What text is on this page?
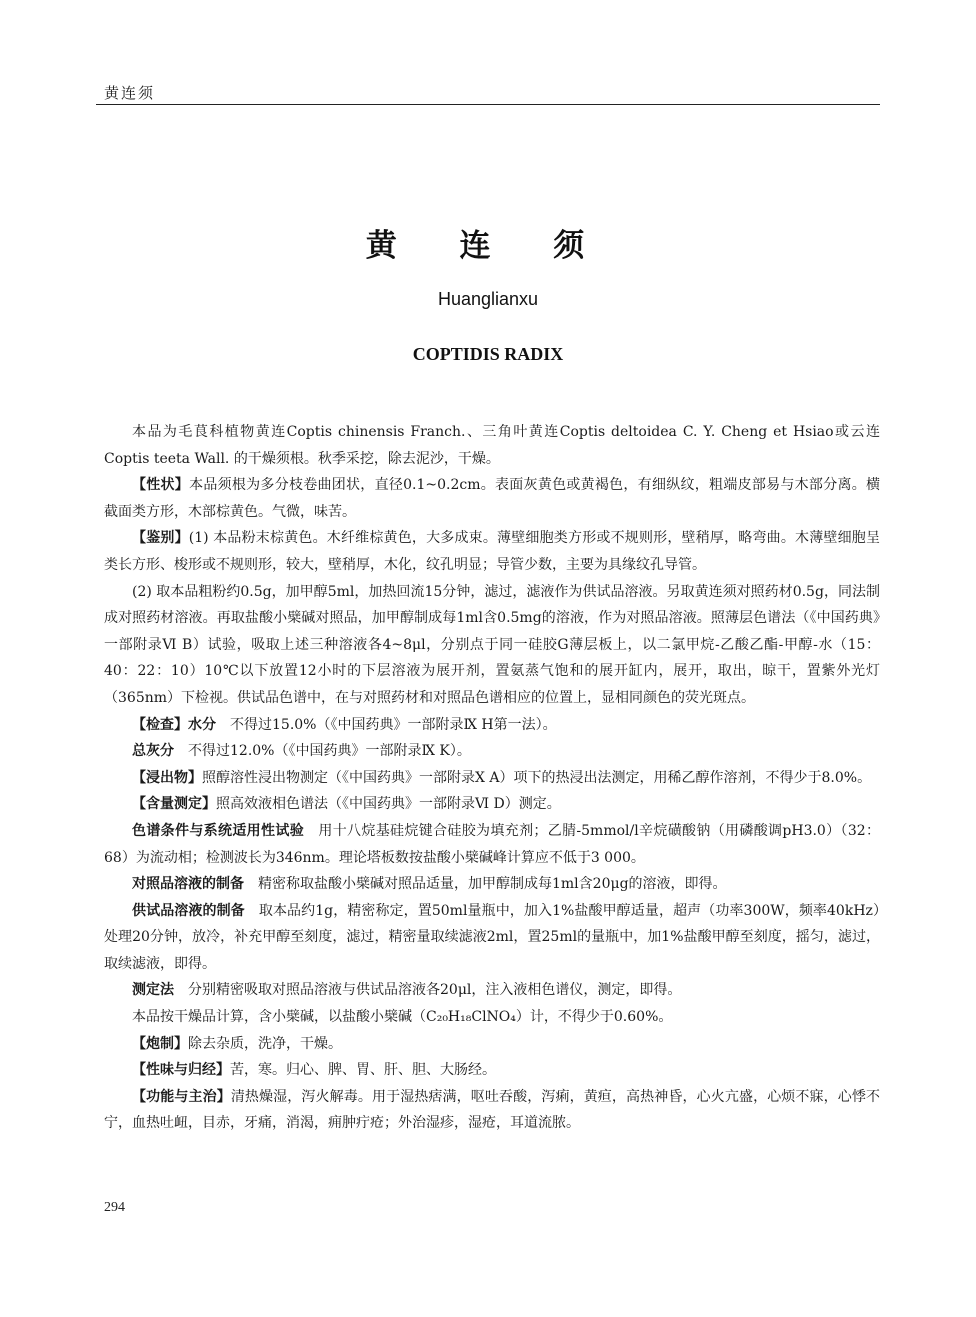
黄连须
黄 连 须
Huanglianxu
COPTIDIS RADIX

本品为毛茛科植物黄连Coptis chinensis Franch.、三角叶黄连Coptis deltoidea C. Y. Cheng et Hsiao或云连Coptis teeta Wall. 的干燥须根。秋季采挖，除去泥沙，干燥。

【性状】本品须根为多分枝卷曲团状，直径0.1~0.2cm。表面灰黄色或黄褐色，有细纵纹，粗端皮部易与木部分离。横截面类方形，木部棕黄色。气微，味苦。

【鉴别】(1) 本品粉末棕黄色。木纤维棕黄色，大多成束。薄壁细胞类方形或不规则形，壁稍厚，略弯曲。木薄壁细胞呈类长方形、梭形或不规则形，较大，壁稍厚，木化，纹孔明显；导管少数，主要为具缘纹孔导管。

(2) 取本品粗粉约0.5g，加甲醇5ml，加热回流15分钟，滤过，滤液作为供试品溶液。另取黄连须对照药材0.5g，同法制成对照药材溶液。再取盐酸小檗碱对照品，加甲醇制成每1ml含0.5mg的溶液，作为对照品溶液。照薄层色谱法（《中国药典》一部附录Ⅵ B）试验，吸取上述三种溶液各4~8μl，分别点于同一硅胶G薄层板上，以二氯甲烷-乙酸乙酯-甲醇-水（15：40：22：10）10℃以下放置12小时的下层溶液为展开剂，置氨蒸气饱和的展开缸内，展开，取出，晾干，置紫外光灯（365nm）下检视。供试品色谱中，在与对照药材和对照品色谱相应的位置上，显相同颜色的荧光斑点。

【检查】水分　不得过15.0%（《中国药典》一部附录Ⅸ H第一法）。

总灰分　不得过12.0%（《中国药典》一部附录Ⅸ K）。

【浸出物】照醇溶性浸出物测定（《中国药典》一部附录Ⅹ A）项下的热浸出法测定，用稀乙醇作溶剂，不得少于8.0%。

【含量测定】照高效液相色谱法（《中国药典》一部附录Ⅵ D）测定。

色谱条件与系统适用性试验　用十八烷基硅烷键合硅胶为填充剂；乙腈-5mmol/l辛烷磺酸钠（用磷酸调pH3.0）（32：68）为流动相；检测波长为346nm。理论塔板数按盐酸小檗碱峰计算应不低于3 000。

对照品溶液的制备　精密称取盐酸小檗碱对照品适量，加甲醇制成每1ml含20μg的溶液，即得。

供试品溶液的制备　取本品约1g，精密称定，置50ml量瓶中，加入1%盐酸甲醇适量，超声（功率300W，频率40kHz）处理20分钟，放冷，补充甲醇至刻度，滤过，精密量取续滤液2ml，置25ml的量瓶中，加1%盐酸甲醇至刻度，摇匀，滤过，取续滤液，即得。

测定法　分别精密吸取对照品溶液与供试品溶液各20μl，注入液相色谱仪，测定，即得。

本品按干燥品计算，含小檗碱，以盐酸小檗碱（C₂₀H₁₈ClNO₄）计，不得少于0.60%。

【炮制】除去杂质，洗净，干燥。

【性味与归经】苦，寒。归心、脾、胃、肝、胆、大肠经。

【功能与主治】清热燥湿，泻火解毒。用于湿热痞满，呕吐吞酸，泻痢，黄疸，高热神昏，心火亢盛，心烦不寐，心悸不宁，血热吐衄，目赤，牙痛，消渴，痈肿疔疮；外治湿疹，湿疮，耳道流脓。

294
